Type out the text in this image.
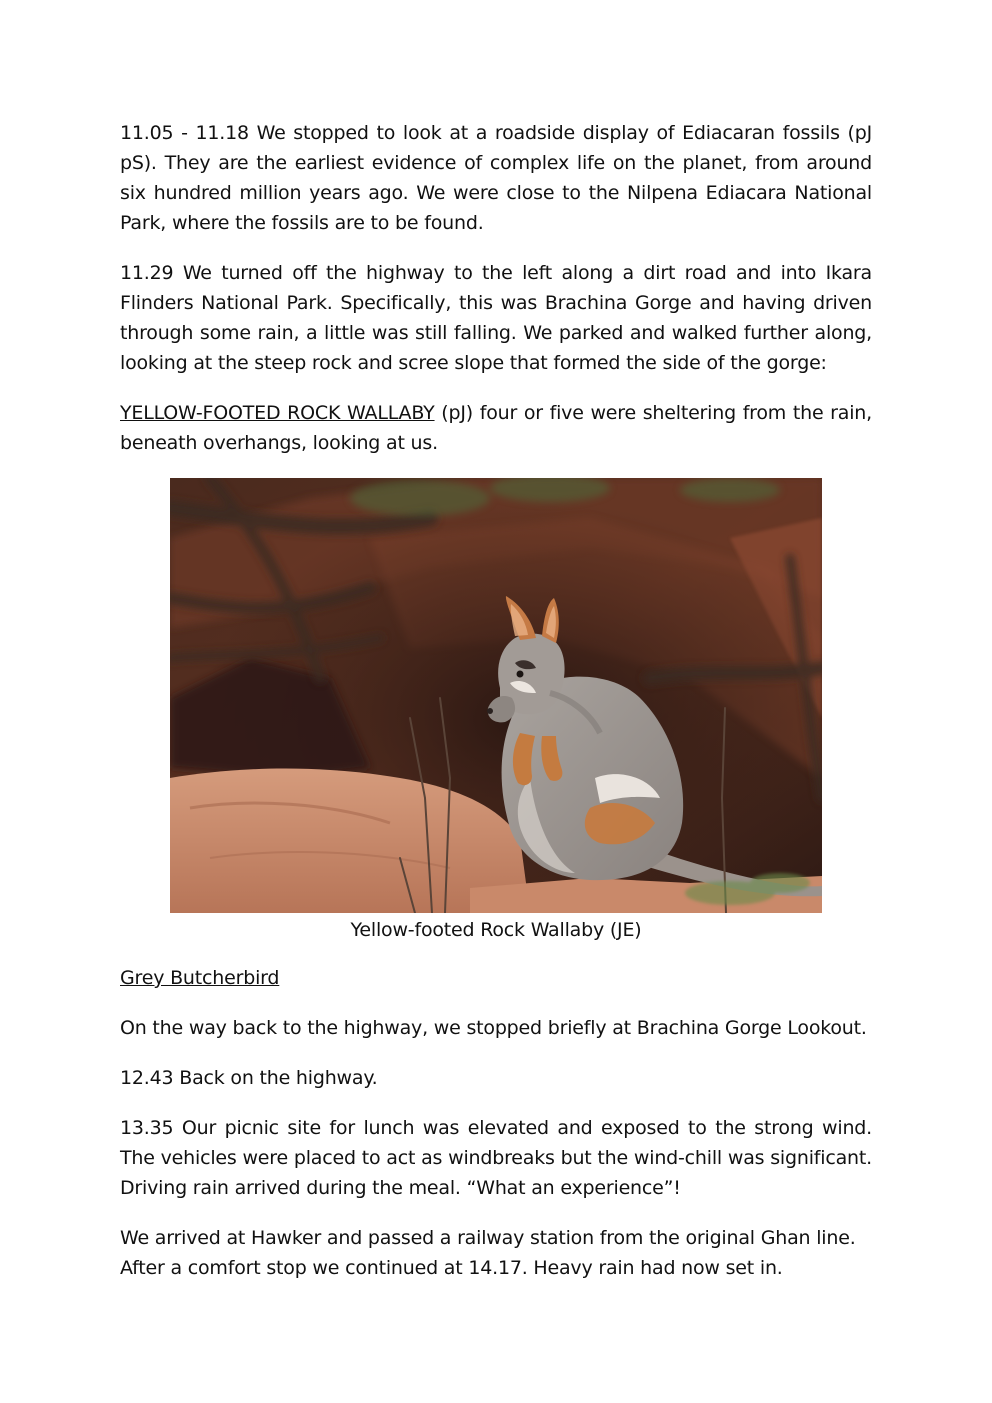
11.05 - 11.18 We stopped to look at a roadside display of Ediacaran fossils (pJ pS). They are the earliest evidence of complex life on the planet, from around six hundred million years ago. We were close to the Nilpena Ediacara National Park, where the fossils are to be found.

11.29 We turned off the highway to the left along a dirt road and into Ikara Flinders National Park. Specifically, this was Brachina Gorge and having driven through some rain, a little was still falling. We parked and walked further along, looking at the steep rock and scree slope that formed the side of the gorge:

YELLOW-FOOTED ROCK WALLABY (pJ) four or five were sheltering from the rain, beneath overhangs, looking at us.

Yellow-footed Rock Wallaby (JE)

Grey Butcherbird

On the way back to the highway, we stopped briefly at Brachina Gorge Lookout.

12.43 Back on the highway.

13.35 Our picnic site for lunch was elevated and exposed to the strong wind. The vehicles were placed to act as windbreaks but the wind-chill was significant. Driving rain arrived during the meal. “What an experience”!

We arrived at Hawker and passed a railway station from the original Ghan line. After a comfort stop we continued at 14.17. Heavy rain had now set in.
